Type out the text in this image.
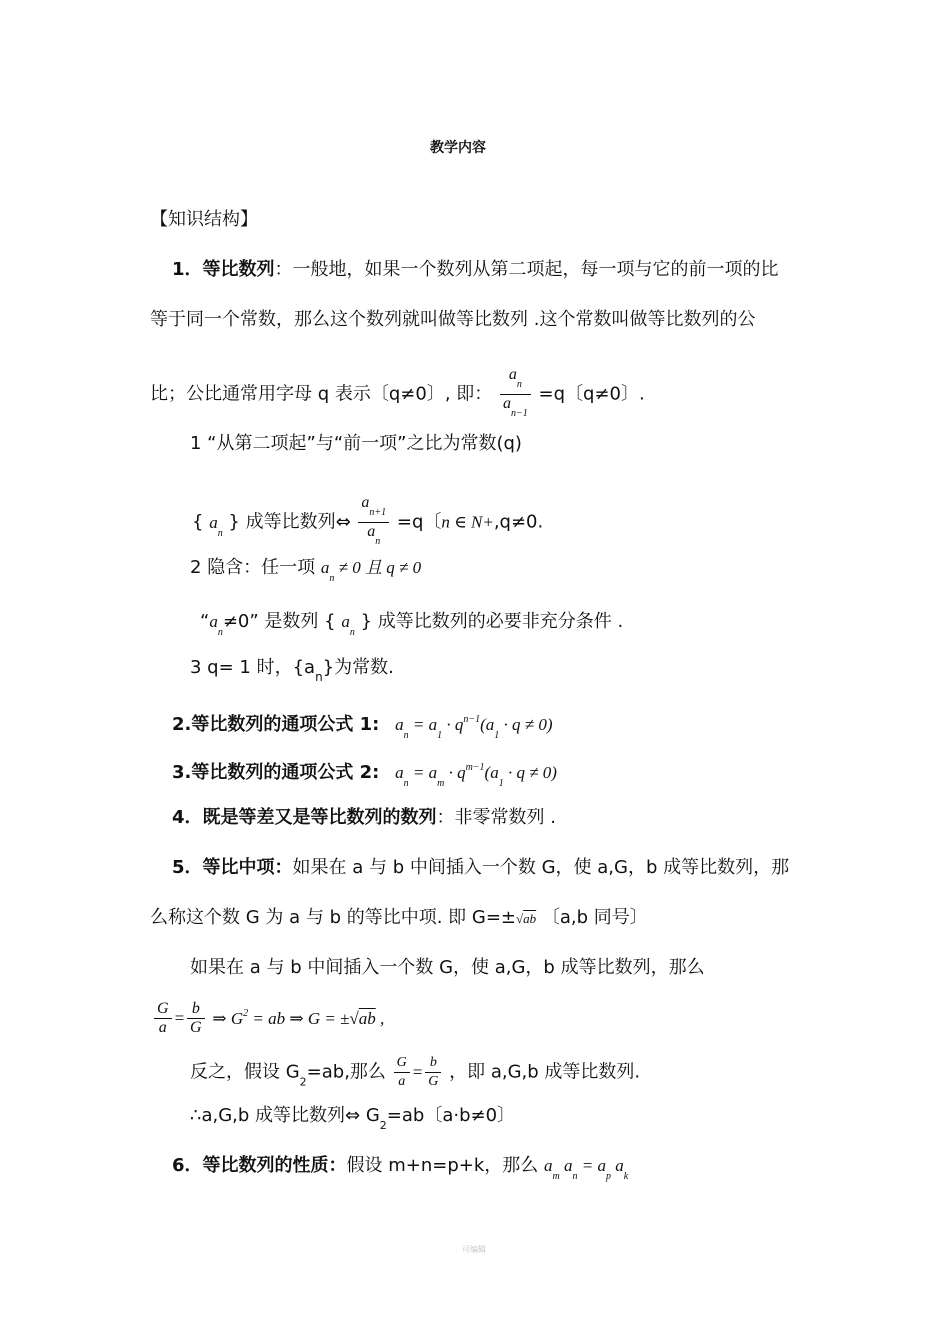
教学内容
【知识结构】
1．等比数列：一般地，如果一个数列从第二项起，每一项与它的前一项的比
等于同一个常数，那么这个数列就叫做等比数列 .这个常数叫做等比数列的公
比；公比通常用字母 q 表示〔q≠0〕, 即： $\frac{a_n}{a_{n-1}} =q$〔q≠0〕.
1 “从第二项起”与“前一项”之比为常数(q)
{ $a_n$ } 成等比数列⇔ $\frac{a_{n+1}}{a_n} =q$〔n ∈ N+,q≠0.
2 隐含：任一项 $a_n \ne 0$ 且 q ≠ 0
“$a_n\ne 0$” 是数列 { $a_n$ } 成等比数列的必要非充分条件 .
3 q= 1 时，$\{a_n\}$为常数.
2.等比数列的通项公式 1: $a_n = a_1 \cdot q^{n-1}(a_1 \cdot q \ne 0)$
3.等比数列的通项公式 2: $a_n = a_m \cdot q^{m-1}(a_1 \cdot q \ne 0)$
4．既是等差又是等比数列的数列：非零常数列 .
5．等比中项：如果在 a 与 b 中间插入一个数 G，使 a,G，b 成等比数列，那
么称这个数 G 为 a 与 b 的等比中项. 即 G=±√ab 〔a,b 同号〕
如果在 a 与 b 中间插入一个数 G，使 a,G，b 成等比数列，那么
$\frac{G}{a} = \frac{b}{G}$ ⇒ $G^2$ = ab ⇒ G = ±√ab ,
反之，假设 $G_2=ab$,那么 $\frac{G}{a} = \frac{b}{G}$ ，即 a,G,b 成等比数列.
∴a,G,b 成等比数列⇔ $G_2=ab$〔a·b≠0〕
6．等比数列的性质：假设 m+n=p+k，那么 $a_m$ $a_n = a_p$ $a_k$
可编辑
